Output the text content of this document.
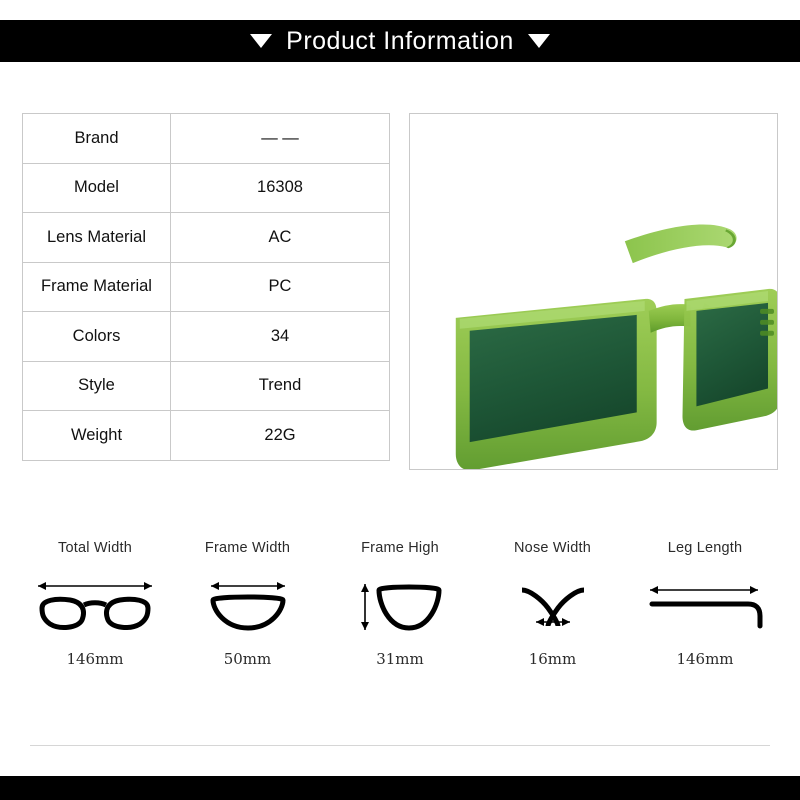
Product Information
Brand	— —
Model	16308
Lens Material	AC
Frame Material	PC
Colors	34
Style	Trend
Weight	22G
Total Width
146mm
Frame Width
50mm
Frame High
31mm
Nose Width
16mm
Leg Length
146mm
